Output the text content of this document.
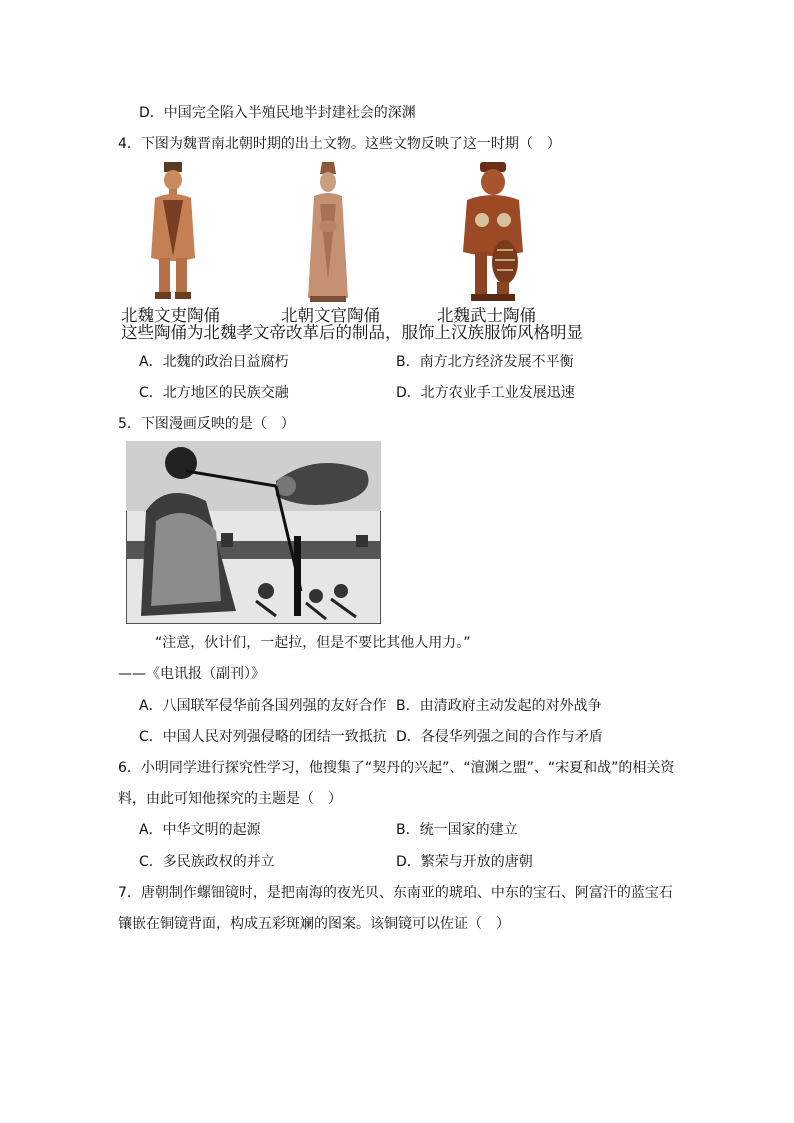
D．中国完全陷入半殖民地半封建社会的深渊
4．下图为魏晋南北朝时期的出土文物。这些文物反映了这一时期（　）
北魏文吏陶俑	北朝文官陶俑	北魏武士陶俑
这些陶俑为北魏孝文帝改革后的制品，服饰上汉族服饰风格明显
A．北魏的政治日益腐朽	B．南方北方经济发展不平衡
C．北方地区的民族交融	D．北方农业手工业发展迅速
5．下图漫画反映的是（　）
“注意，伙计们，一起拉，但是不要比其他人用力。”
——《电讯报（副刊）》
A．八国联军侵华前各国列强的友好合作 B．由清政府主动发起的对外战争
C．中国人民对列强侵略的团结一致抵抗 D．各侵华列强之间的合作与矛盾
6．小明同学进行探究性学习，他搜集了“契丹的兴起”、“澶渊之盟”、“宋夏和战”的相关资
料，由此可知他探究的主题是（　）
A．中华文明的起源	B．统一国家的建立
C．多民族政权的并立	D．繁荣与开放的唐朝
7．唐朝制作螺钿镜时，是把南海的夜光贝、东南亚的琥珀、中东的宝石、阿富汗的蓝宝石
镶嵌在铜镜背面，构成五彩斑斓的图案。该铜镜可以佐证（　）
